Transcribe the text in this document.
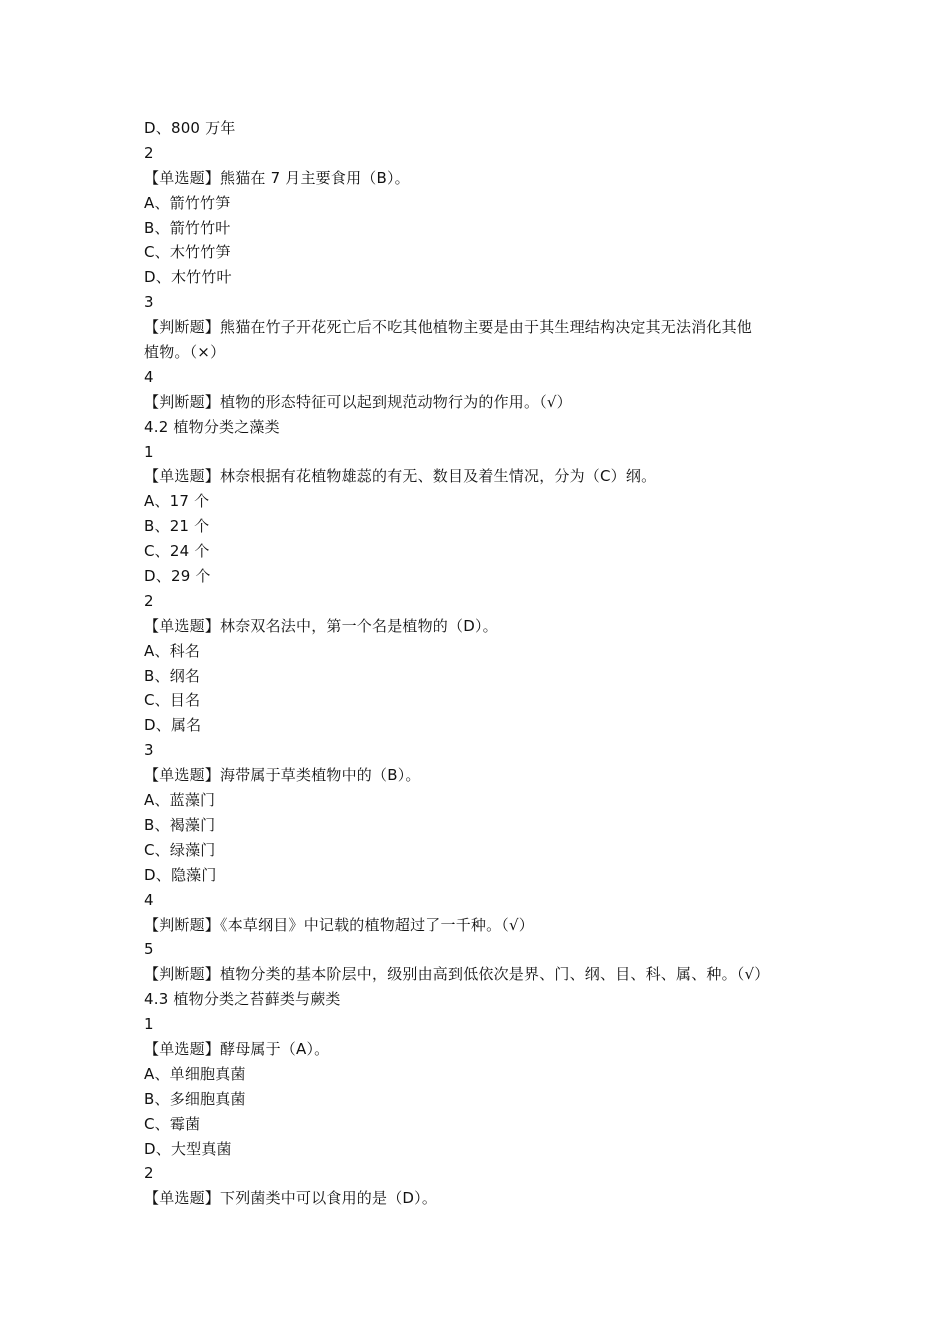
D、800 万年
2
【单选题】熊猫在 7 月主要食用（B）。
A、箭竹竹笋
B、箭竹竹叶
C、木竹竹笋
D、木竹竹叶
3
【判断题】熊猫在竹子开花死亡后不吃其他植物主要是由于其生理结构决定其无法消化其他
植物。（×）
4
【判断题】植物的形态特征可以起到规范动物行为的作用。（√）
4.2 植物分类之藻类
1
【单选题】林奈根据有花植物雄蕊的有无、数目及着生情况，分为（C）纲。
A、17 个
B、21 个
C、24 个
D、29 个
2
【单选题】林奈双名法中，第一个名是植物的（D）。
A、科名
B、纲名
C、目名
D、属名
3
【单选题】海带属于草类植物中的（B）。
A、蓝藻门
B、褐藻门
C、绿藻门
D、隐藻门
4
【判断题】《本草纲目》中记载的植物超过了一千种。（√）
5
【判断题】植物分类的基本阶层中，级别由高到低依次是界、门、纲、目、科、属、种。（√）
4.3 植物分类之苔藓类与蕨类
1
【单选题】酵母属于（A）。
A、单细胞真菌
B、多细胞真菌
C、霉菌
D、大型真菌
2
【单选题】下列菌类中可以食用的是（D）。
